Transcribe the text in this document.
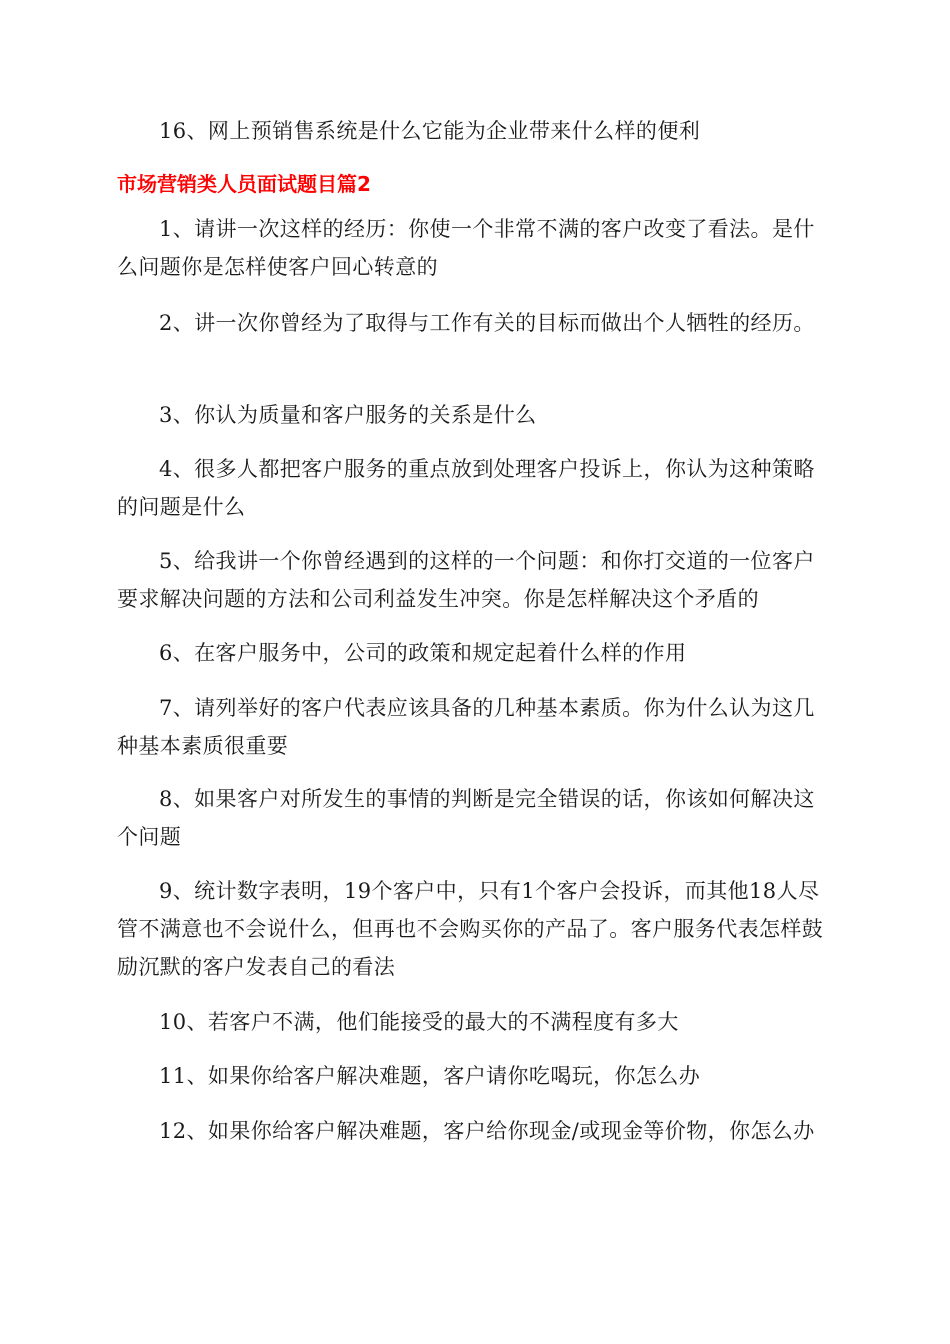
16、网上预销售系统是什么它能为企业带来什么样的便利

市场营销类人员面试题目篇2

1、请讲一次这样的经历：你使一个非常不满的客户改变了看法。是什么问题你是怎样使客户回心转意的

2、讲一次你曾经为了取得与工作有关的目标而做出个人牺牲的经历。

3、你认为质量和客户服务的关系是什么

4、很多人都把客户服务的重点放到处理客户投诉上，你认为这种策略的问题是什么

5、给我讲一个你曾经遇到的这样的一个问题：和你打交道的一位客户要求解决问题的方法和公司利益发生冲突。你是怎样解决这个矛盾的

6、在客户服务中，公司的政策和规定起着什么样的作用

7、请列举好的客户代表应该具备的几种基本素质。你为什么认为这几种基本素质很重要

8、如果客户对所发生的事情的判断是完全错误的话，你该如何解决这个问题

9、统计数字表明，19个客户中，只有1个客户会投诉，而其他18人尽管不满意也不会说什么，但再也不会购买你的产品了。客户服务代表怎样鼓励沉默的客户发表自己的看法

10、若客户不满，他们能接受的最大的不满程度有多大

11、如果你给客户解决难题，客户请你吃喝玩，你怎么办

12、如果你给客户解决难题，客户给你现金/或现金等价物，你怎么办
